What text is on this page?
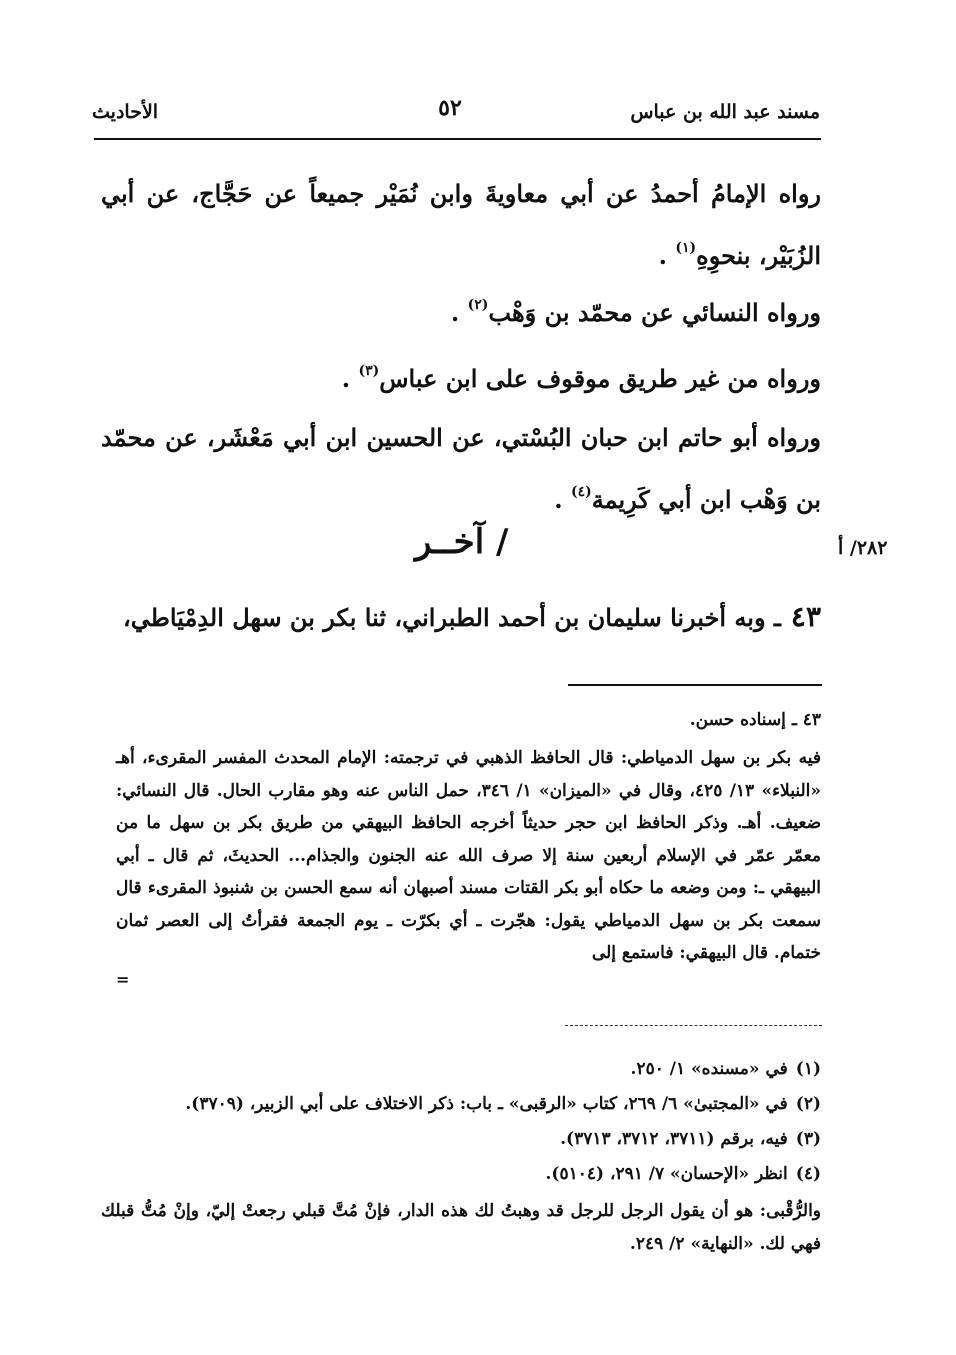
مسند عبد الله بن عباس
٥٢
الأحاديث
رواه الإمامُ أحمدُ عن أبي معاويةَ وابن نُمَيْر جميعاً عن حَجَّاج، عن أبي الزُبَيْر، بنحوِهِ$^{(١)}$ .
ورواه النسائي عن محمّد بن وَهْب$^{(٢)}$ .
ورواه من غير طريق موقوف على ابن عباس$^{(٣)}$ .
ورواه أبو حاتم ابن حبان البُسْتي، عن الحسين ابن أبي مَعْشَر، عن محمّد بن وَهْب ابن أبي كَرِيمة$^{(٤)}$ .
٢٨٢/ أ
/ آخــر
٤٣ـ وبه أخبرنا سليمان بن أحمد الطبراني، ثنا بكر بن سهل الدِمْيَاطي،
٤٣ ـ إسناده حسن.
فيه بكر بن سهل الدمياطي: قال الحافظ الذهبي في ترجمته: الإمام المحدث المفسر المقرىء، أهـ «النبلاء» ١٣/ ٤٢٥، وقال في «الميزان» ١/ ٣٤٦، حمل الناس عنه وهو مقارب الحال. قال النسائي: ضعيف. أهـ. وذكر الحافظ ابن حجر حديثاً أخرجه الحافظ البيهقي من طريق بكر بن سهل ما من معمّر عمّر في الإسلام أربعين سنة إلا صرف الله عنه الجنون والجذام... الحديثَ، ثم قال ـ أبي البيهقي ـ: ومن وضعه ما حكاه أبو بكر القتات مسند أصبهان أنه سمع الحسن بن شنبوذ المقرىء قال سمعت بكر بن سهل الدمياطي يقول: هجّرت ـ أي بكرّت ـ يوم الجمعة فقرأتُ إلى العصر ثمان ختمام. قال البيهقي: فاستمع إلى
=
(١)في «مسنده» ١/ ٢٥٠.
(٢)في «المجتبىٰ» ٦/ ٢٦٩، كتاب «الرقبى» ـ باب: ذكر الاختلاف على أبي الزبير، (٣٧٠٩).
(٣)فيه، برقم (٣٧١١، ٣٧١٢، ٣٧١٣).
(٤)انظر «الإحسان» ٧/ ٢٩١، (٥١٠٤).
والرُّقْبى: هو أن يقول الرجل للرجل قد وهبتُ لك هذه الدار، فإنْ مُتَّ قبلي رجعتْ إليّ، وإنْ مُتُّ قبلك فهي لك. «النهاية» ٢/ ٢٤٩.
